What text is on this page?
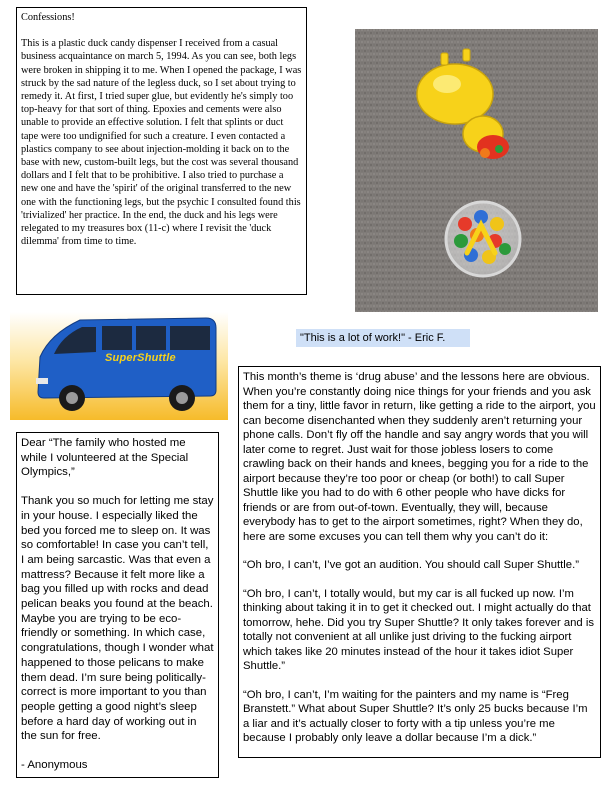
Confessions!

This is a plastic duck candy dispenser I received from a casual business acquaintance on march 5, 1994. As you can see, both legs were broken in shipping it to me. When I opened the package, I was struck by the sad nature of the legless duck, so I set about trying to remedy it. At first, I tried super glue, but evidently he's simply too top-heavy for that sort of thing. Epoxies and cements were also unable to provide an effective solution. I felt that splints or duct tape were too undignified for such a creature. I even contacted a plastics company to see about injection-molding it back on to the base with new, custom-built legs, but the cost was several thousand dollars and I felt that to be prohibitive. I also tried to purchase a new one and have the 'spirit' of the original transferred to the new one with the functioning legs, but the psychic I consulted found this 'trivialized' her practice. In the end, the duck and his legs were relegated to my treasures box (11-c) where I revisit the 'duck dilemma' from time to time.

SuperShuttle
"This is a lot of work!" - Eric F.

Dear “The family who hosted me while I volunteered at the Special Olympics,”

Thank you so much for letting me stay in your house. I especially liked the bed you forced me to sleep on. It was so comfortable! In case you can’t tell, I am being sarcastic. Was that even a mattress? Because it felt more like a bag you filled up with rocks and dead pelican beaks you found at the beach. Maybe you are trying to be eco-friendly or something. In which case, congratulations, though I wonder what happened to those pelicans to make them dead. I’m sure being politically-correct is more important to you than people getting a good night’s sleep before a hard day of working out in the sun for free.

- Anonymous

This month’s theme is ‘drug abuse’ and the lessons here are obvious. When you’re constantly doing nice things for your friends and you ask them for a tiny, little favor in return, like getting a ride to the airport, you can become disenchanted when they suddenly aren’t returning your phone calls. Don’t fly off the handle and say angry words that you will later come to regret. Just wait for those jobless losers to come crawling back on their hands and knees, begging you for a ride to the airport because they’re too poor or cheap (or both!) to call Super Shuttle like you had to do with 6 other people who have dicks for friends or are from out-of-town. Eventually, they will, because everybody has to get to the airport sometimes, right? When they do, here are some excuses you can tell them why you can’t do it:

“Oh bro, I can’t, I’ve got an audition. You should call Super Shuttle.”

“Oh bro, I can’t, I totally would, but my car is all fucked up now. I’m thinking about taking it in to get it checked out. I might actually do that tomorrow, hehe. Did you try Super Shuttle? It only takes forever and is totally not convenient at all unlike just driving to the fucking airport which takes like 20 minutes instead of the hour it takes idiot Super Shuttle.”

“Oh bro, I can’t, I’m waiting for the painters and my name is “Freg Branstett.” What about Super Shuttle? It’s only 25 bucks because I’m a liar and it’s actually closer to forty with a tip unless you’re me because I probably only leave a dollar because I’m a dick.”
